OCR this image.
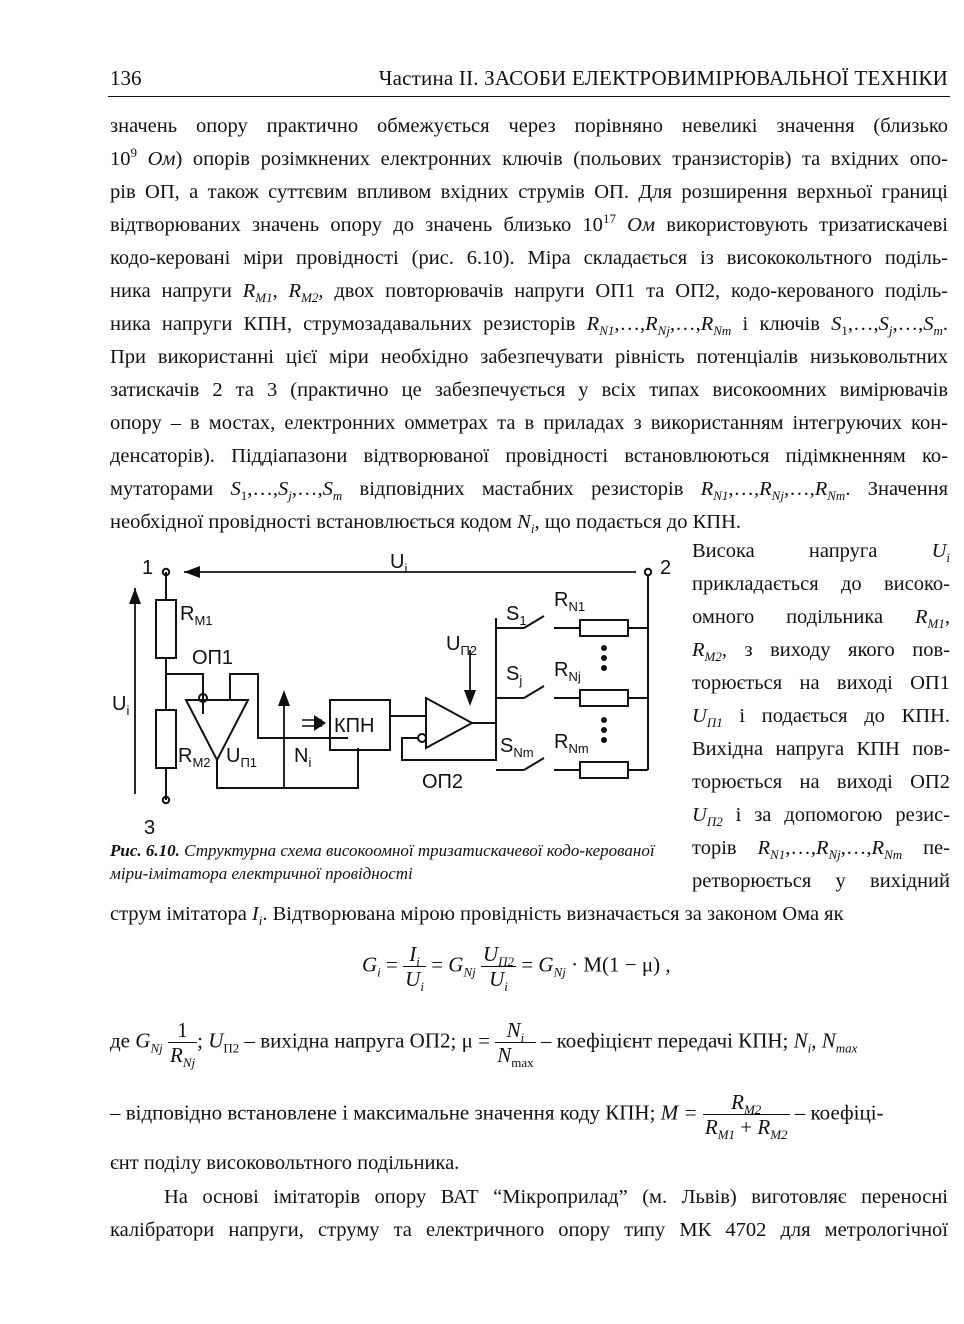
136	Частина ІІ. ЗАСОБИ ЕЛЕКТРОВИМІРЮВАЛЬНОЇ ТЕХНІКИ
значень опору практично обмежується через порівняно невеликі значення (близько
$10^9$ Ом) опорів розімкнених електронних ключів (польових транзисторів) та вхідних опо-
рів ОП, а також суттєвим впливом вхідних струмів ОП. Для розширення верхньої границі
відтворюваних значень опору до значень близько $10^{17}$ Ом використовують тризатискачеві
кодо-керовані міри провідності (рис. 6.10). Міра складається із висококольтного поділь-
ника напруги $R_{M1}$, $R_{M2}$, двох повторювачів напруги ОП1 та ОП2, кодо-керованого поділь-
ника напруги КПН, струмозадавальних резисторів $R_{N1},\dots,R_{Nj},\dots,R_{Nm}$ і ключів $S_1,\dots,S_j,\dots,S_m$.
При використанні цієї міри необхідно забезпечувати рівність потенціалів низьковольтних
затискачів 2 та 3 (практично це забезпечується у всіх типах високоомних вимірювачів
опору – в мостах, електронних омметрах та в приладах з використанням інтегруючих кон-
денсаторів). Піддіапазони відтворюваної провідності встановлюються підімкненням ко-
мутаторами $S_1,\dots,S_j,\dots,S_m$ відповідних мастабних резисторів $R_{N1},\dots,R_{Nj},\dots,R_{Nm}$. Значення
необхідної провідності встановлюється кодом $N_i$, що подається до КПН.
1	2
3
$U_i$
$U_i$
$R_{M1}$
$R_{M2}$
ОП1
ОП2
КПН
$U_{П1}$
$U_{П2}$
$N_i$
$S_1$
$S_j$
$S_{Nm}$
$R_{N1}$
$R_{Nj}$
$R_{Nm}$
Висока напруга $U_i$
прикладається до високо-
омного подільника $R_{M1}$,
$R_{M2}$, з виходу якого пов-
торюється на виході ОП1
$U_{П1}$ і подається до КПН.
Вихідна напруга КПН пов-
торюється на виході ОП2
$U_{П2}$ і за допомогою резис-
торів $R_{N1},\dots,R_{Nj},\dots,R_{Nm}$ пе-
ретворюється у вихідний
Рис. 6.10. Структурна схема високоомної тризатискачевої кодо-керованої міри-імітатора електричної провідності
струм імітатора $I_i$. Відтворювана мірою провідність визначається за законом Ома як
$G_i = \frac{I_i}{U_i} = G_{Nj} \frac{U_{П2}}{U_i} = G_{Nj} \cdot M(1 - \mu)$ ,
де $G_{Nj} \frac{1}{R_{Nj}}$ ; $U_{П2}$ – вихідна напруга ОП2; $\mu = \frac{N_i}{N_{max}}$ – коефіцієнт передачі КПН; $N_i$, $N_{max}$
– відповідно встановлене і максимальне значення коду КПН; $M = \frac{R_{M2}}{R_{M1} + R_{M2}}$ – коефіці-
єнт поділу високовольтного подільника.
На основі імітаторів опору ВАТ “Мікроприлад” (м. Львів) виготовляє переносні
калібратори напруги, струму та електричного опору типу МК 4702 для метрологічної
